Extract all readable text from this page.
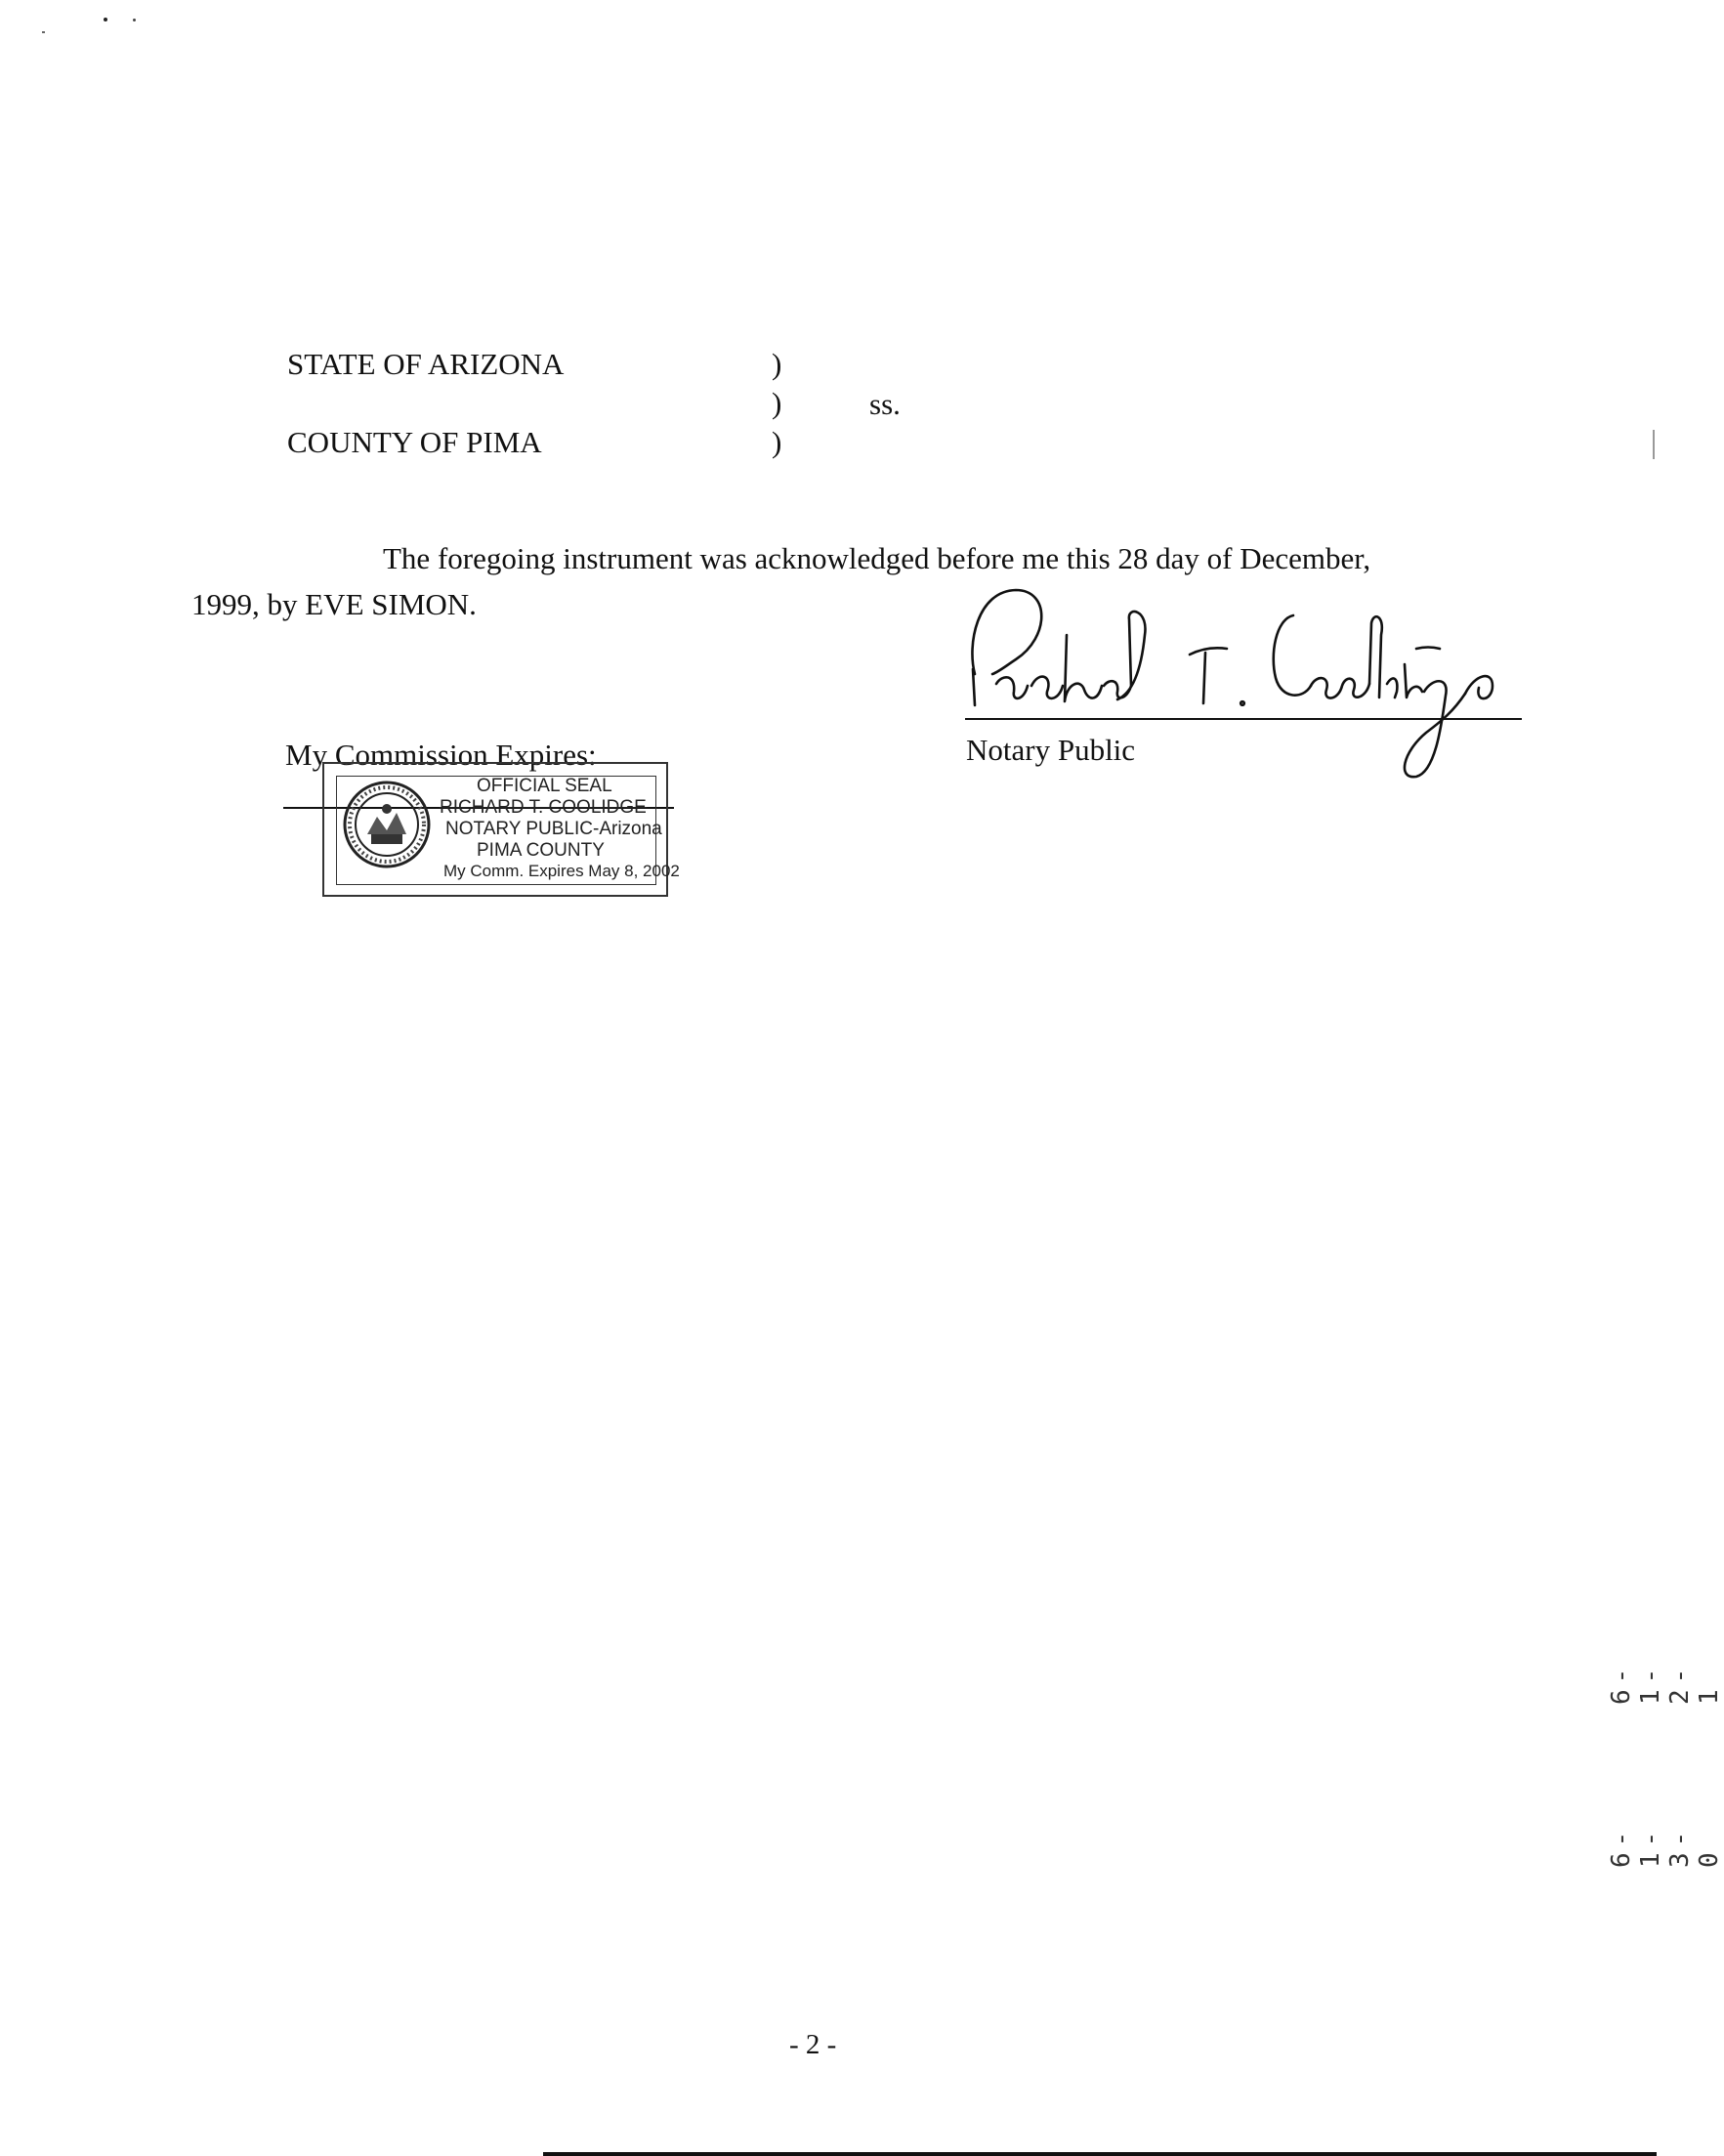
STATE OF ARIZONA
COUNTY OF PIMA
)
)
)
ss.
The foregoing instrument was acknowledged before me this 28 day of December,
1999, by EVE SIMON.
Notary Public
My Commission Expires:
OFFICIAL SEAL
RICHARD T. COOLIDGE
NOTARY PUBLIC-Arizona
PIMA COUNTY
My Comm. Expires May 8, 2002
6-1-2-1
6-1-3-0
- 2 -
